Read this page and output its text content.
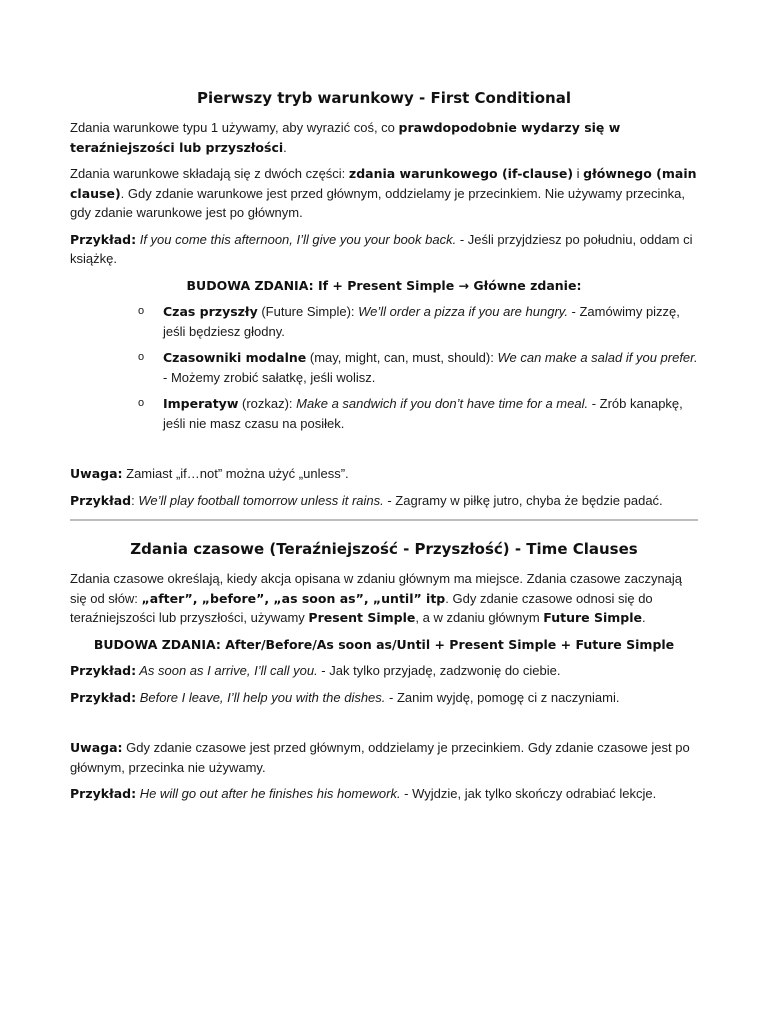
Pierwszy tryb warunkowy - First Conditional

Zdania warunkowe typu 1 używamy, aby wyrazić coś, co prawdopodobnie wydarzy się w teraźniejszości lub przyszłości.

Zdania warunkowe składają się z dwóch części: zdania warunkowego (if-clause) i głównego (main clause). Gdy zdanie warunkowe jest przed głównym, oddzielamy je przecinkiem. Nie używamy przecinka, gdy zdanie warunkowe jest po głównym.

Przykład: If you come this afternoon, I’ll give you your book back. - Jeśli przyjdziesz po południu, oddam ci książkę.

BUDOWA ZDANIA: If + Present Simple → Główne zdanie:

o Czas przyszły (Future Simple): We’ll order a pizza if you are hungry. - Zamówimy pizzę, jeśli będziesz głodny.
o Czasowniki modalne (may, might, can, must, should): We can make a salad if you prefer. - Możemy zrobić sałatkę, jeśli wolisz.
o Imperatyw (rozkaz): Make a sandwich if you don’t have time for a meal. - Zrób kanapkę, jeśli nie masz czasu na posiłek.

Uwaga: Zamiast „if…not” można użyć „unless”.

Przykład: We’ll play football tomorrow unless it rains. - Zagramy w piłkę jutro, chyba że będzie padać.

Zdania czasowe (Teraźniejszość - Przyszłość) - Time Clauses

Zdania czasowe określają, kiedy akcja opisana w zdaniu głównym ma miejsce. Zdania czasowe zaczynają się od słów: „after”, „before”, „as soon as”, „until” itp. Gdy zdanie czasowe odnosi się do teraźniejszości lub przyszłości, używamy Present Simple, a w zdaniu głównym Future Simple.

BUDOWA ZDANIA: After/Before/As soon as/Until + Present Simple + Future Simple

Przykład: As soon as I arrive, I’ll call you. - Jak tylko przyjadę, zadzwonię do ciebie.

Przykład: Before I leave, I’ll help you with the dishes. - Zanim wyjdę, pomogę ci z naczyniami.

Uwaga: Gdy zdanie czasowe jest przed głównym, oddzielamy je przecinkiem. Gdy zdanie czasowe jest po głównym, przecinka nie używamy.

Przykład: He will go out after he finishes his homework. - Wyjdzie, jak tylko skończy odrabiać lekcje.
